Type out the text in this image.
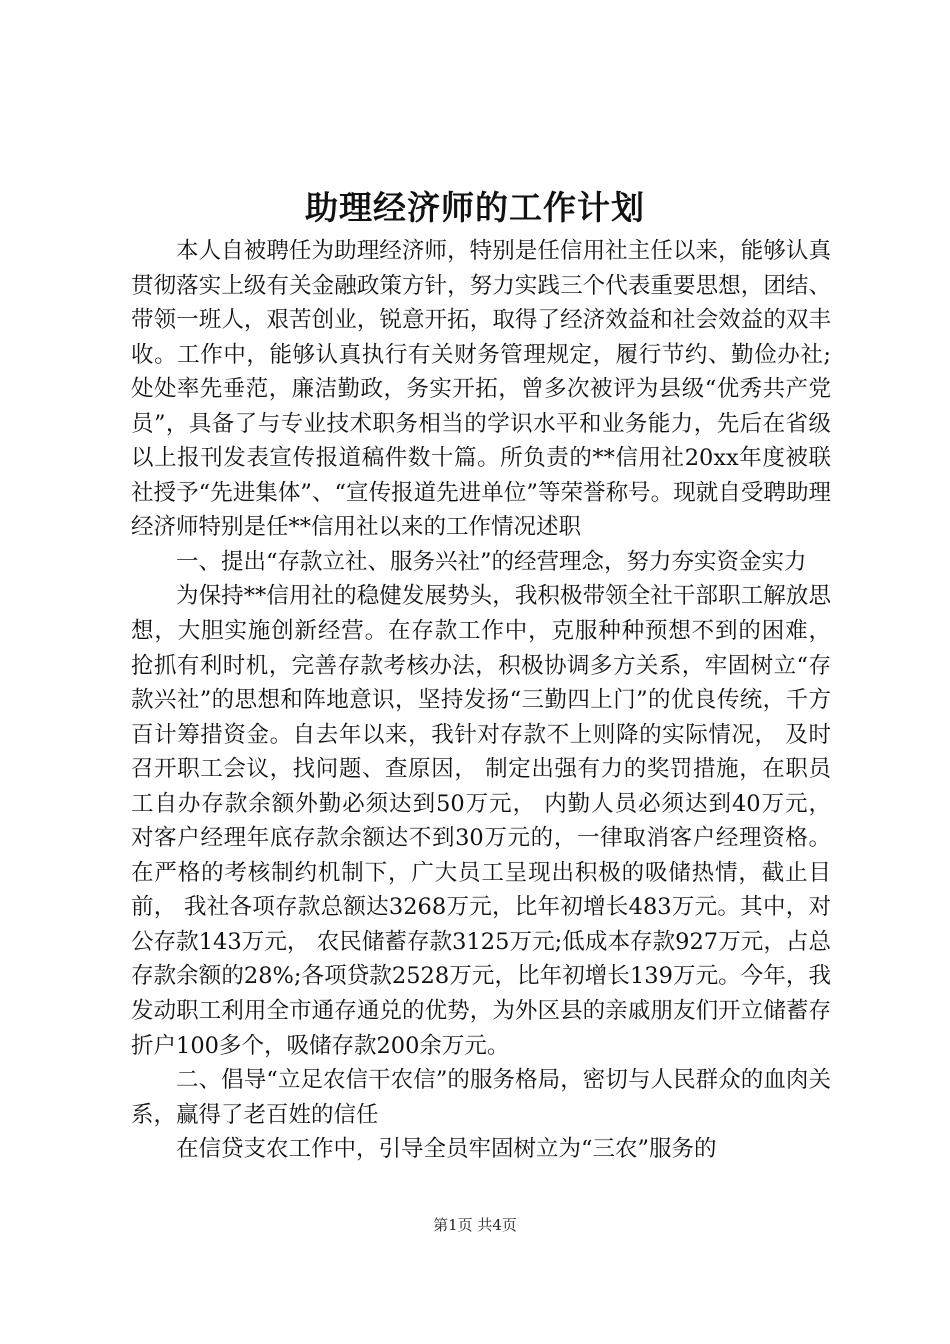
助理经济师的工作计划

本人自被聘任为助理经济师，特别是任信用社主任以来，能够认真贯彻落实上级有关金融政策方针，努力实践三个代表重要思想，团结、带领一班人，艰苦创业，锐意开拓，取得了经济效益和社会效益的双丰收。工作中，能够认真执行有关财务管理规定，履行节约、勤俭办社;处处率先垂范，廉洁勤政，务实开拓，曾多次被评为县级“优秀共产党员”，具备了与专业技术职务相当的学识水平和业务能力，先后在省级以上报刊发表宣传报道稿件数十篇。所负责的**信用社20xx年度被联社授予“先进集体”、“宣传报道先进单位”等荣誉称号。现就自受聘助理经济师特别是任**信用社以来的工作情况述职

一、提出“存款立社、服务兴社”的经营理念，努力夯实资金实力

为保持**信用社的稳健发展势头，我积极带领全社干部职工解放思想，大胆实施创新经营。在存款工作中，克服种种预想不到的困难， 抢抓有利时机，完善存款考核办法，积极协调多方关系，牢固树立“存款兴社”的思想和阵地意识，坚持发扬“三勤四上门”的优良传统，千方百计筹措资金。自去年以来，我针对存款不上则降的实际情况， 及时召开职工会议，找问题、查原因， 制定出强有力的奖罚措施，在职员工自办存款余额外勤必须达到50万元， 内勤人员必须达到40万元， 对客户经理年底存款余额达不到30万元的，一律取消客户经理资格。 在严格的考核制约机制下，广大员工呈现出积极的吸储热情，截止目前， 我社各项存款总额达3268万元，比年初增长483万元。其中，对公存款143万元， 农民储蓄存款3125万元;低成本存款927万元，占总存款余额的28%;各项贷款2528万元，比年初增长139万元。今年，我发动职工利用全市通存通兑的优势，为外区县的亲戚朋友们开立储蓄存折户100多个，吸储存款200余万元。

二、倡导“立足农信干农信”的服务格局，密切与人民群众的血肉关系，赢得了老百姓的信任

在信贷支农工作中，引导全员牢固树立为“三农”服务的

第1页 共4页
